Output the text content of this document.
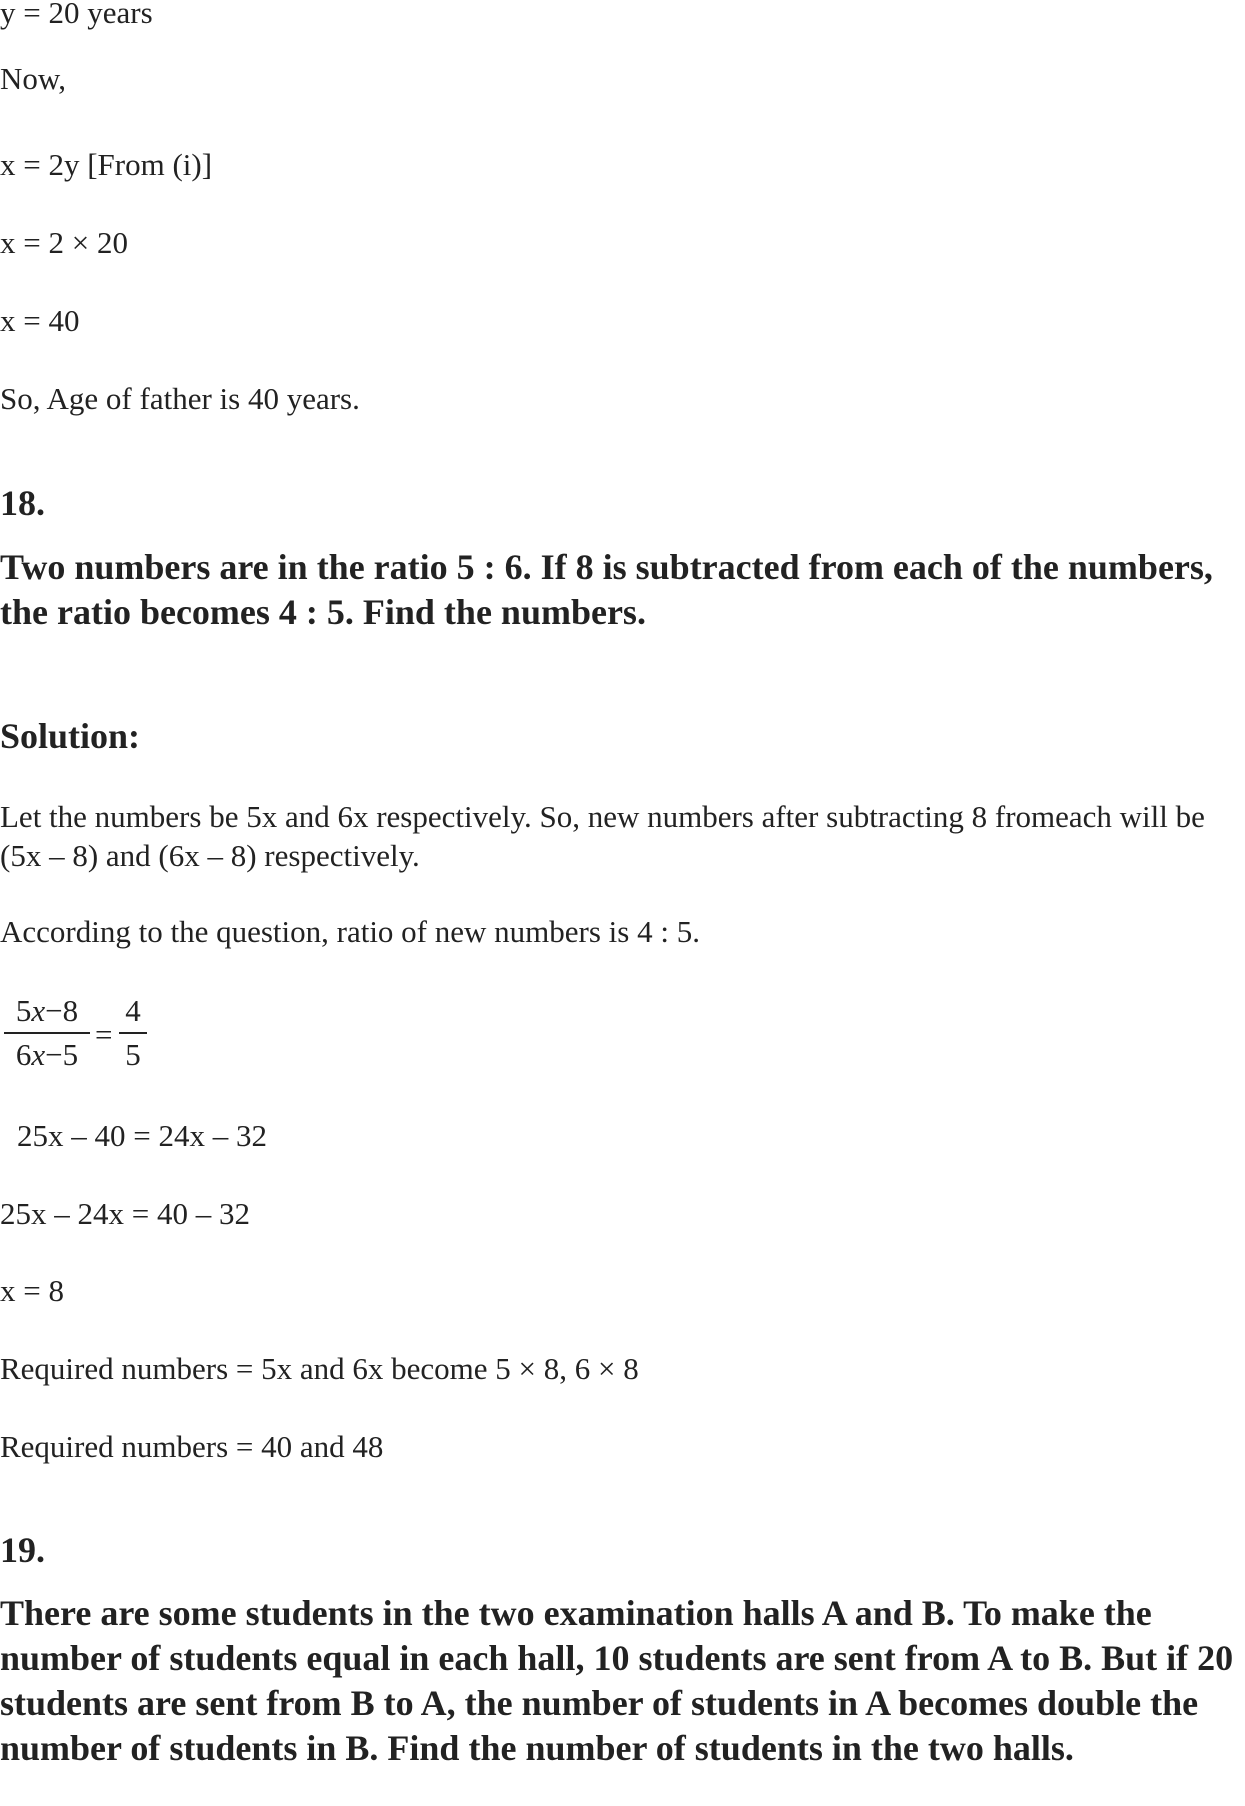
y = 20 years

Now,

x = 2y [From (i)]

x = 2 × 20

x = 40

So, Age of father is 40 years.

18.

Two numbers are in the ratio 5 : 6. If 8 is subtracted from each of the numbers, the ratio becomes 4 : 5. Find the numbers.

Solution:

Let the numbers be 5x and 6x respectively. So, new numbers after subtracting 8 fromeach will be (5x – 8) and (6x – 8) respectively.

According to the question, ratio of new numbers is 4 : 5.

$\frac{5x-8}{6x-5} = \frac{4}{5}$

25x – 40 = 24x – 32

25x – 24x = 40 – 32

x = 8

Required numbers = 5x and 6x become 5 × 8, 6 × 8

Required numbers = 40 and 48

19.

There are some students in the two examination halls A and B. To make the number of students equal in each hall, 10 students are sent from A to B. But if 20 students are sent from B to A, the number of students in A becomes double the number of students in B. Find the number of students in the two halls.
